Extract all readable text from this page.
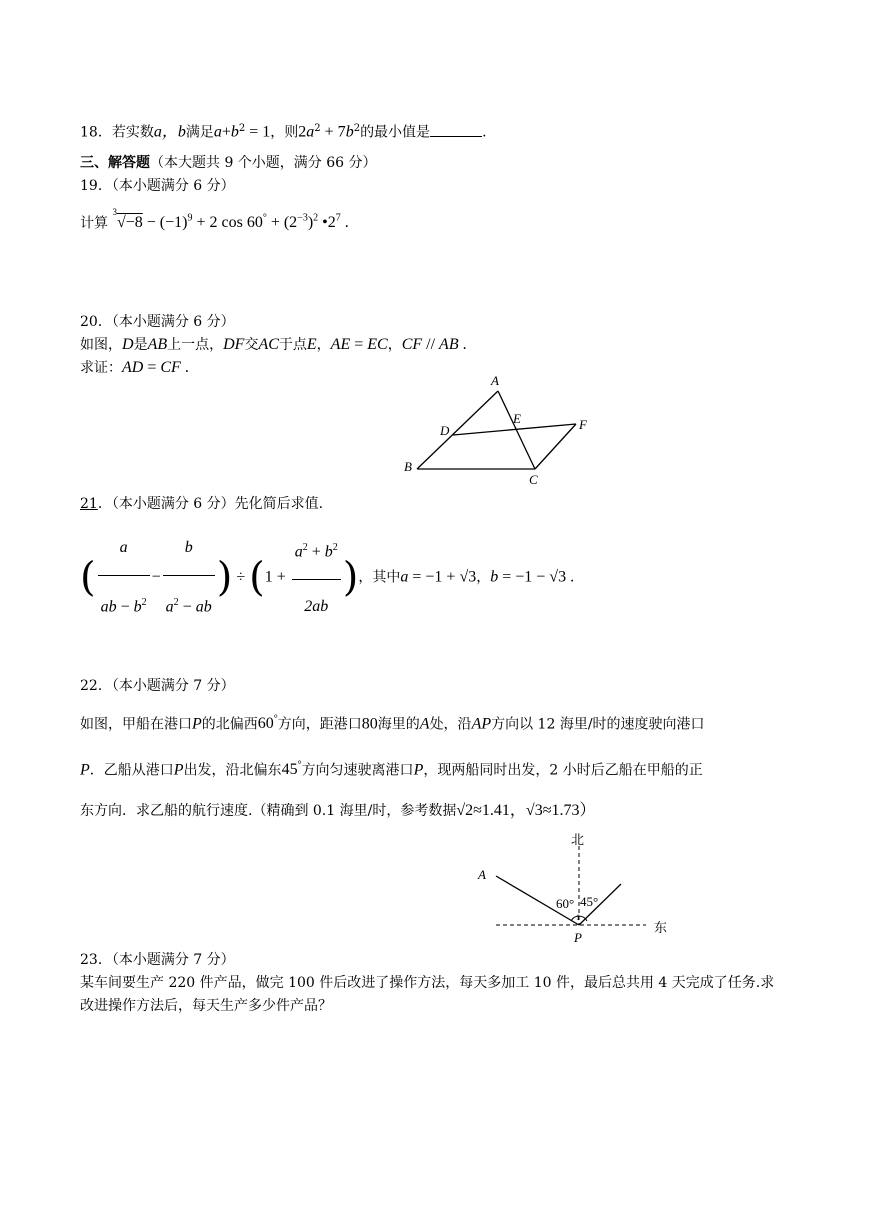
18．若实数a，b满足$a+b^2 = 1$，则$2a^2 + 7b^2$的最小值是	.
三、解答题（本大题共 9 个小题，满分 66 分）
19．（本小题满分 6 分）
计算 $^3√-8 - (-1)^9 + 2$ $\cos 60^\circ + (2^{-3})^2$ $•2^7$ .
20．（本小题满分 6 分）
如图，D是AB上一点，DF交AC于点E，AE = EC，CF // AB .
求证：AD = CF .
A
E
D	F
B
C
21．（本小题满分 6 分）先化简后求值.
( $\frac{a}{ab - b^2} - \frac{b}{a^2 - ab}$ ) ÷ ($1 + \frac{a^2 + b^2}{2ab}$ )，其中a = −1 + √3，b = −1 − √3 .
22．（本小题满分 7 分）
如图，甲船在港口P的北偏西60°方向，距港口80海里的A处，沿AP方向以 12 海里/时的速度驶向港口
P．乙船从港口P出发，沿北偏东45°方向匀速驶离港口P，现两船同时出发，2 小时后乙船在甲船的正
东方向．求乙船的航行速度.（精确到 0.1 海里/时，参考数据√2≈1.41，√3≈1.73）
北
东
A
P
60° 45°
1
23．（本小题满分 7 分）
某车间要生产 220 件产品，做完 100 件后改进了操作方法，每天多加工 10 件，最后总共用 4 天完成了任务.求
改进操作方法后，每天生产多少件产品？
